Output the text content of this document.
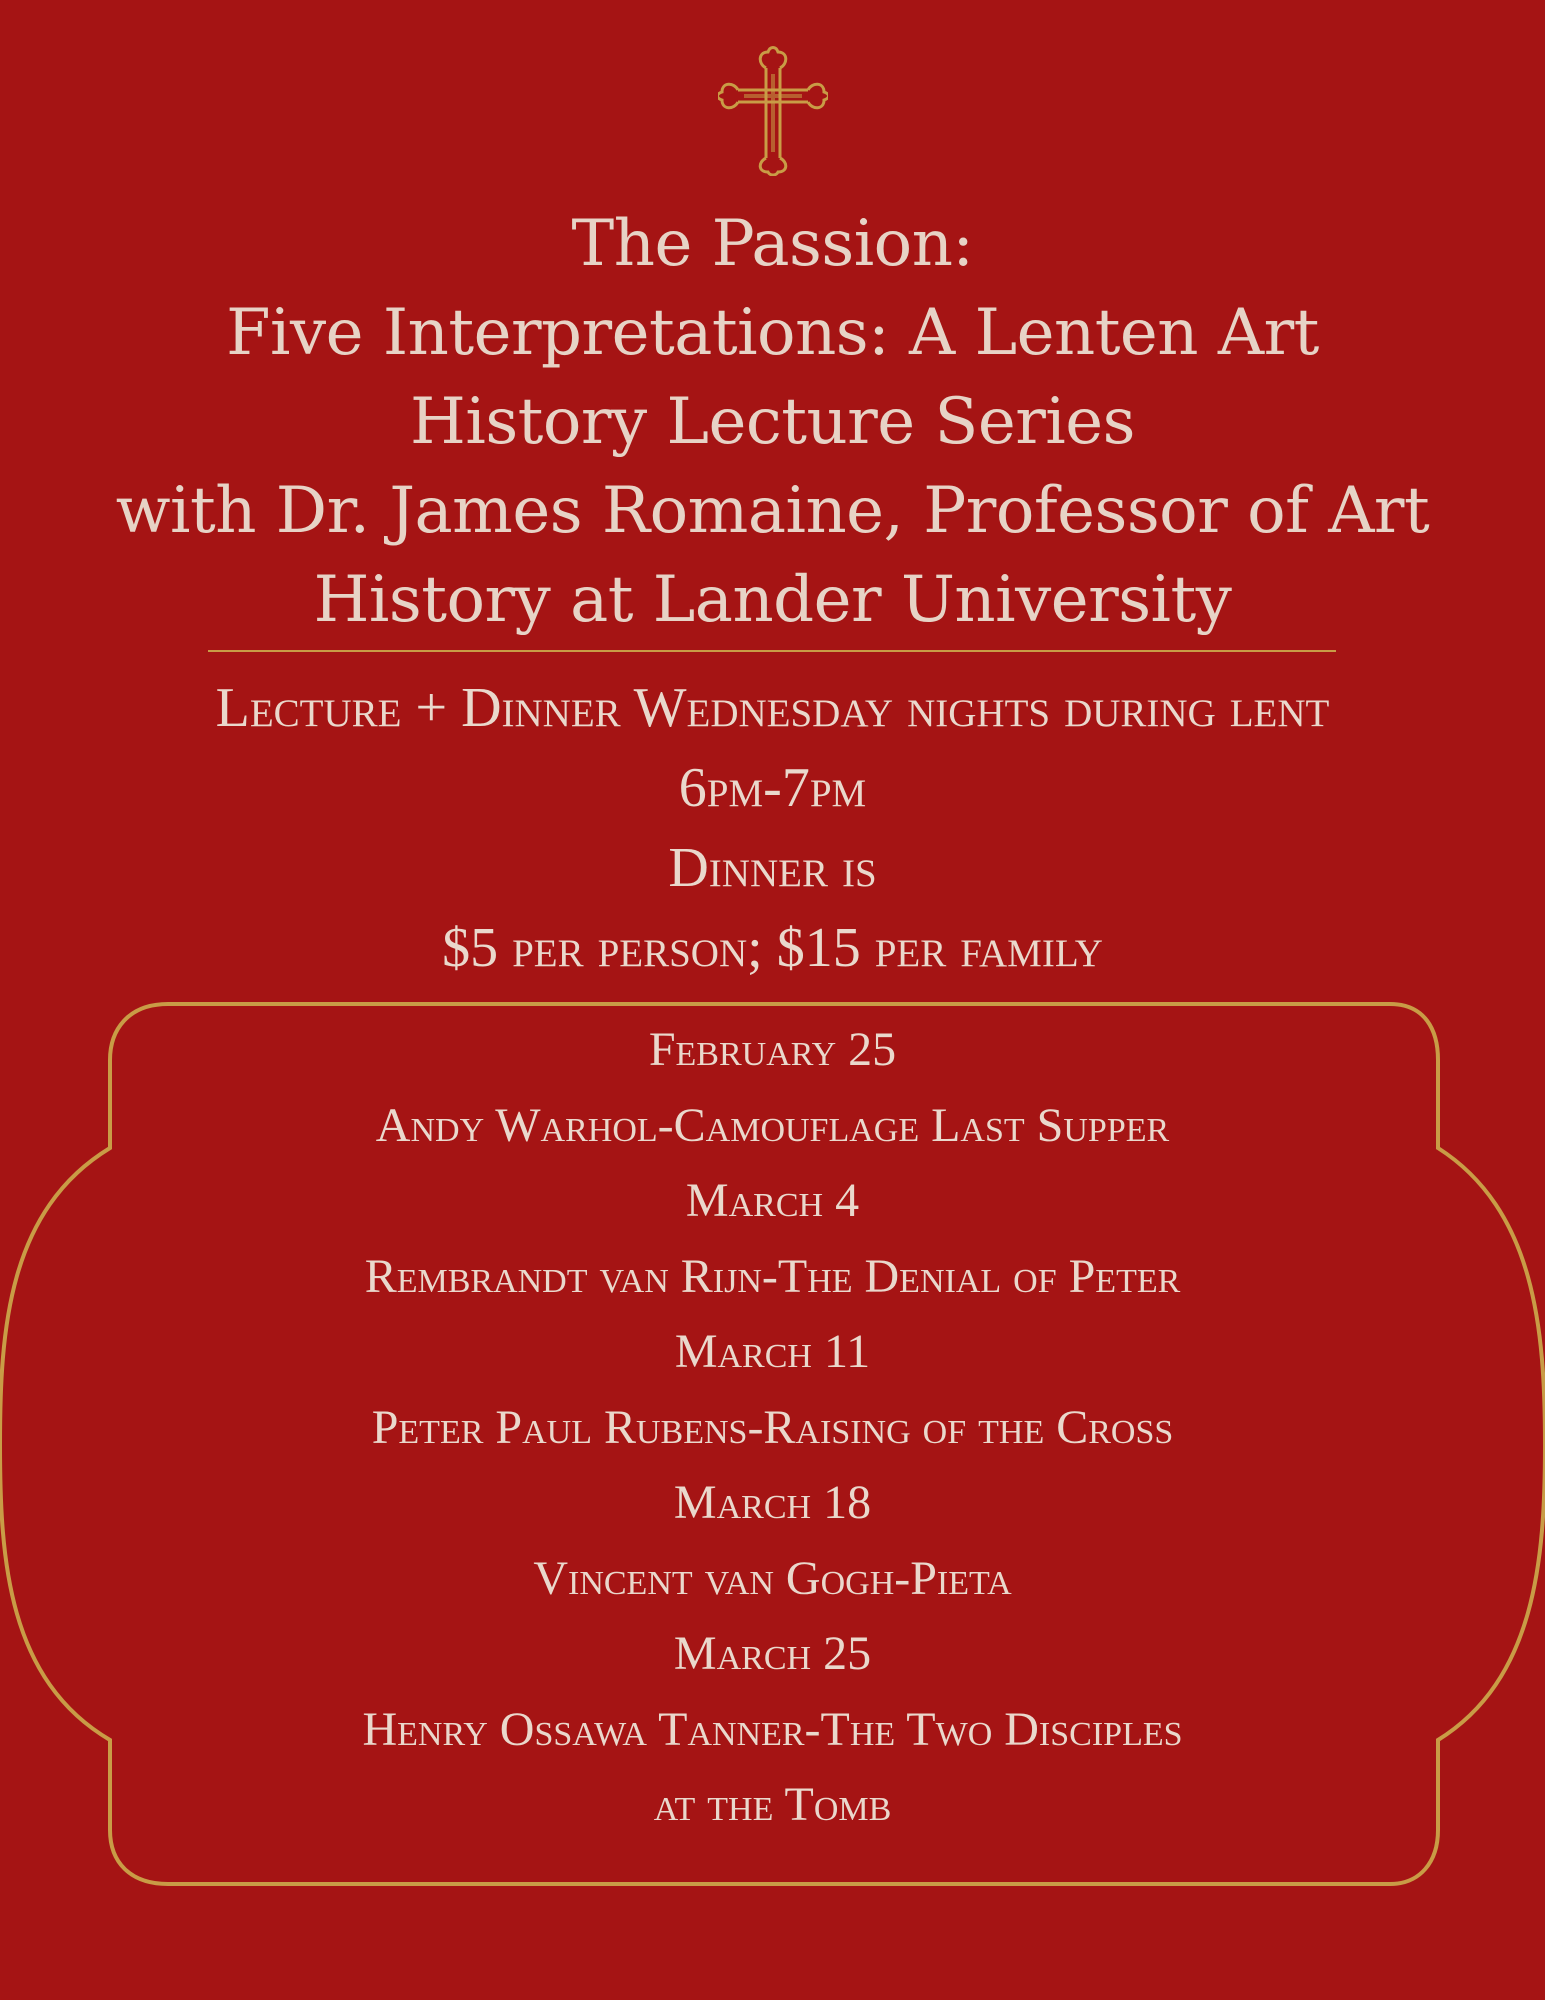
The Passion:
Five Interpretations: A Lenten Art
History Lecture Series
with Dr. James Romaine, Professor of Art
History at Lander University
Lecture + Dinner Wednesday nights during lent
6pm-7pm
Dinner is
$5 per person; $15 per family
February 25
Andy Warhol-Camouflage Last Supper
March 4
Rembrandt van Rijn-The Denial of Peter
March 11
Peter Paul Rubens-Raising of the Cross
March 18
Vincent van Gogh-Pieta
March 25
Henry Ossawa Tanner-The Two Disciples
at the Tomb
